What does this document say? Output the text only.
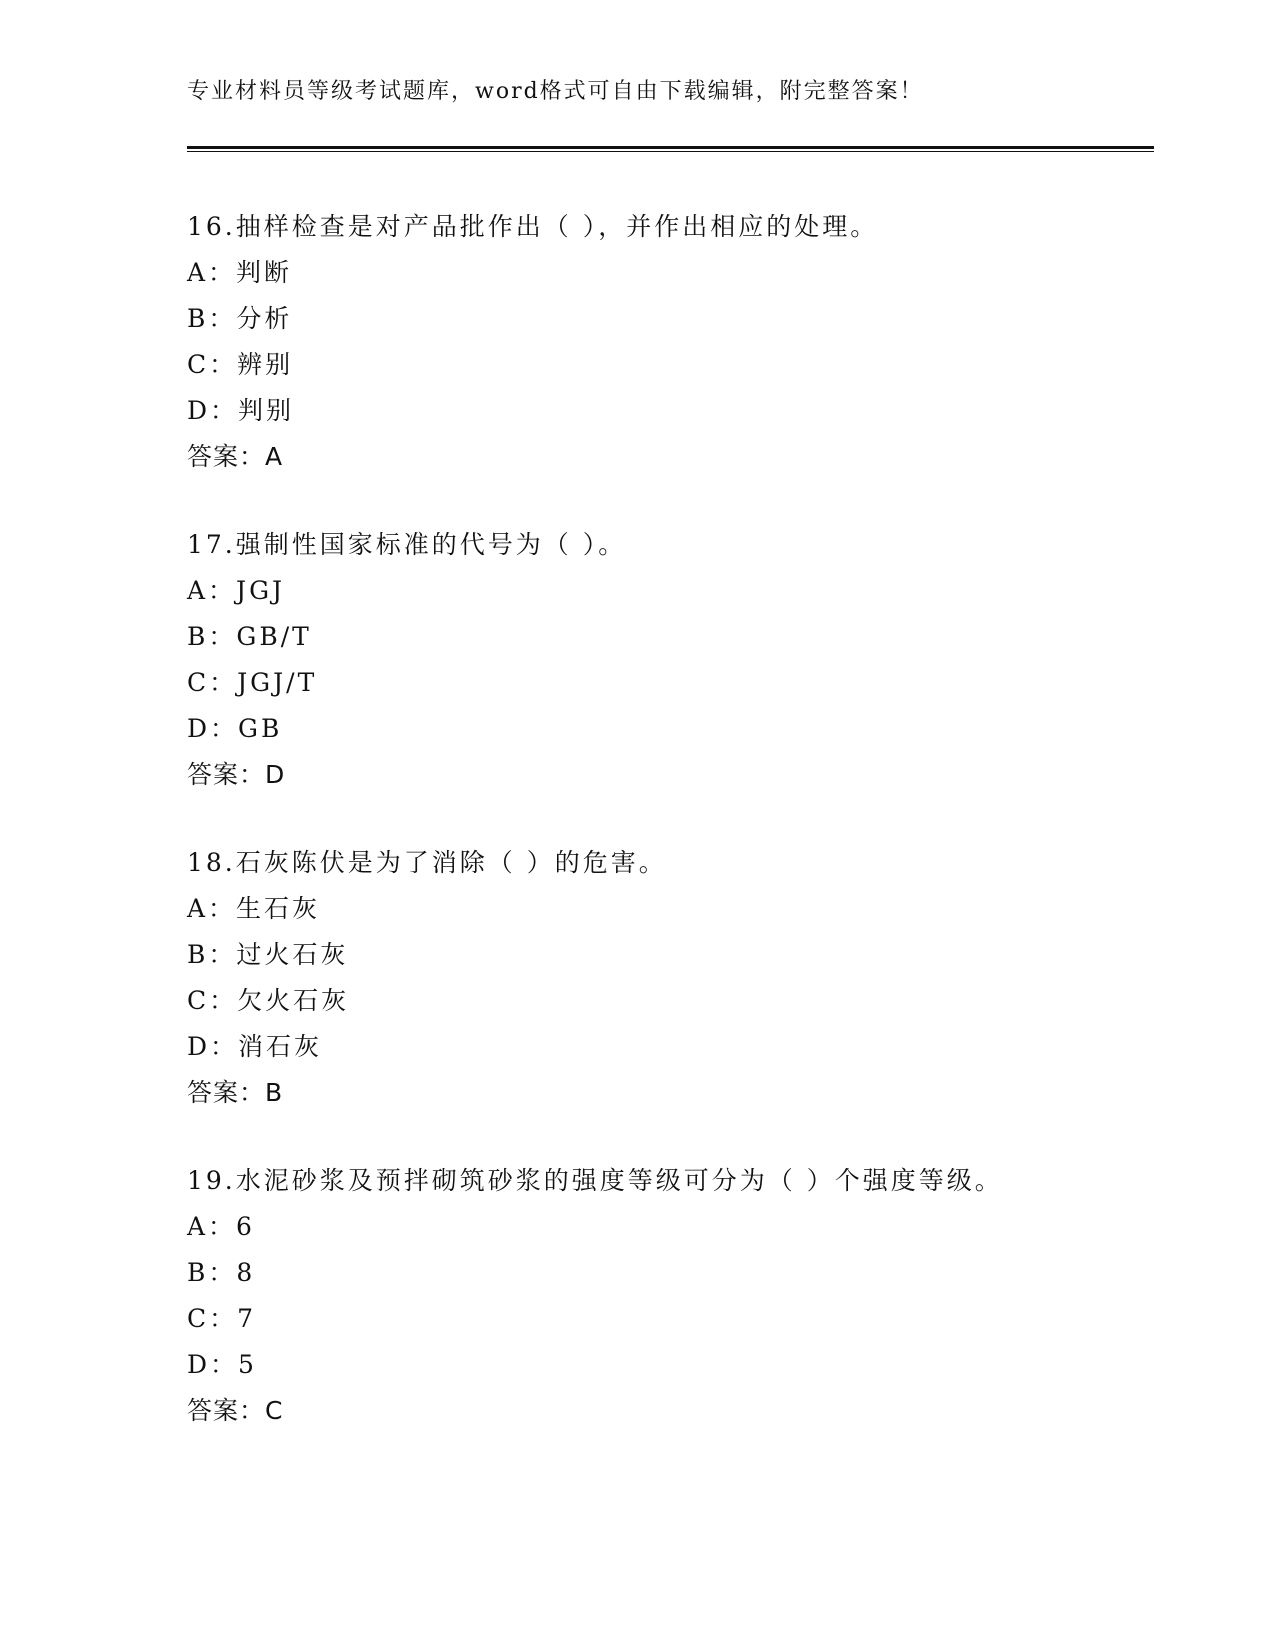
专业材料员等级考试题库，word格式可自由下载编辑，附完整答案！
16.抽样检查是对产品批作出（ ），并作出相应的处理。
A：判断
B：分析
C：辨别
D：判别
答案：A
17.强制性国家标准的代号为（ ）。
A：JGJ
B：GB/T
C：JGJ/T
D：GB
答案：D
18.石灰陈伏是为了消除（ ）的危害。
A：生石灰
B：过火石灰
C：欠火石灰
D：消石灰
答案：B
19.水泥砂浆及预拌砌筑砂浆的强度等级可分为（ ）个强度等级。
A：6
B：8
C：7
D：5
答案：C
